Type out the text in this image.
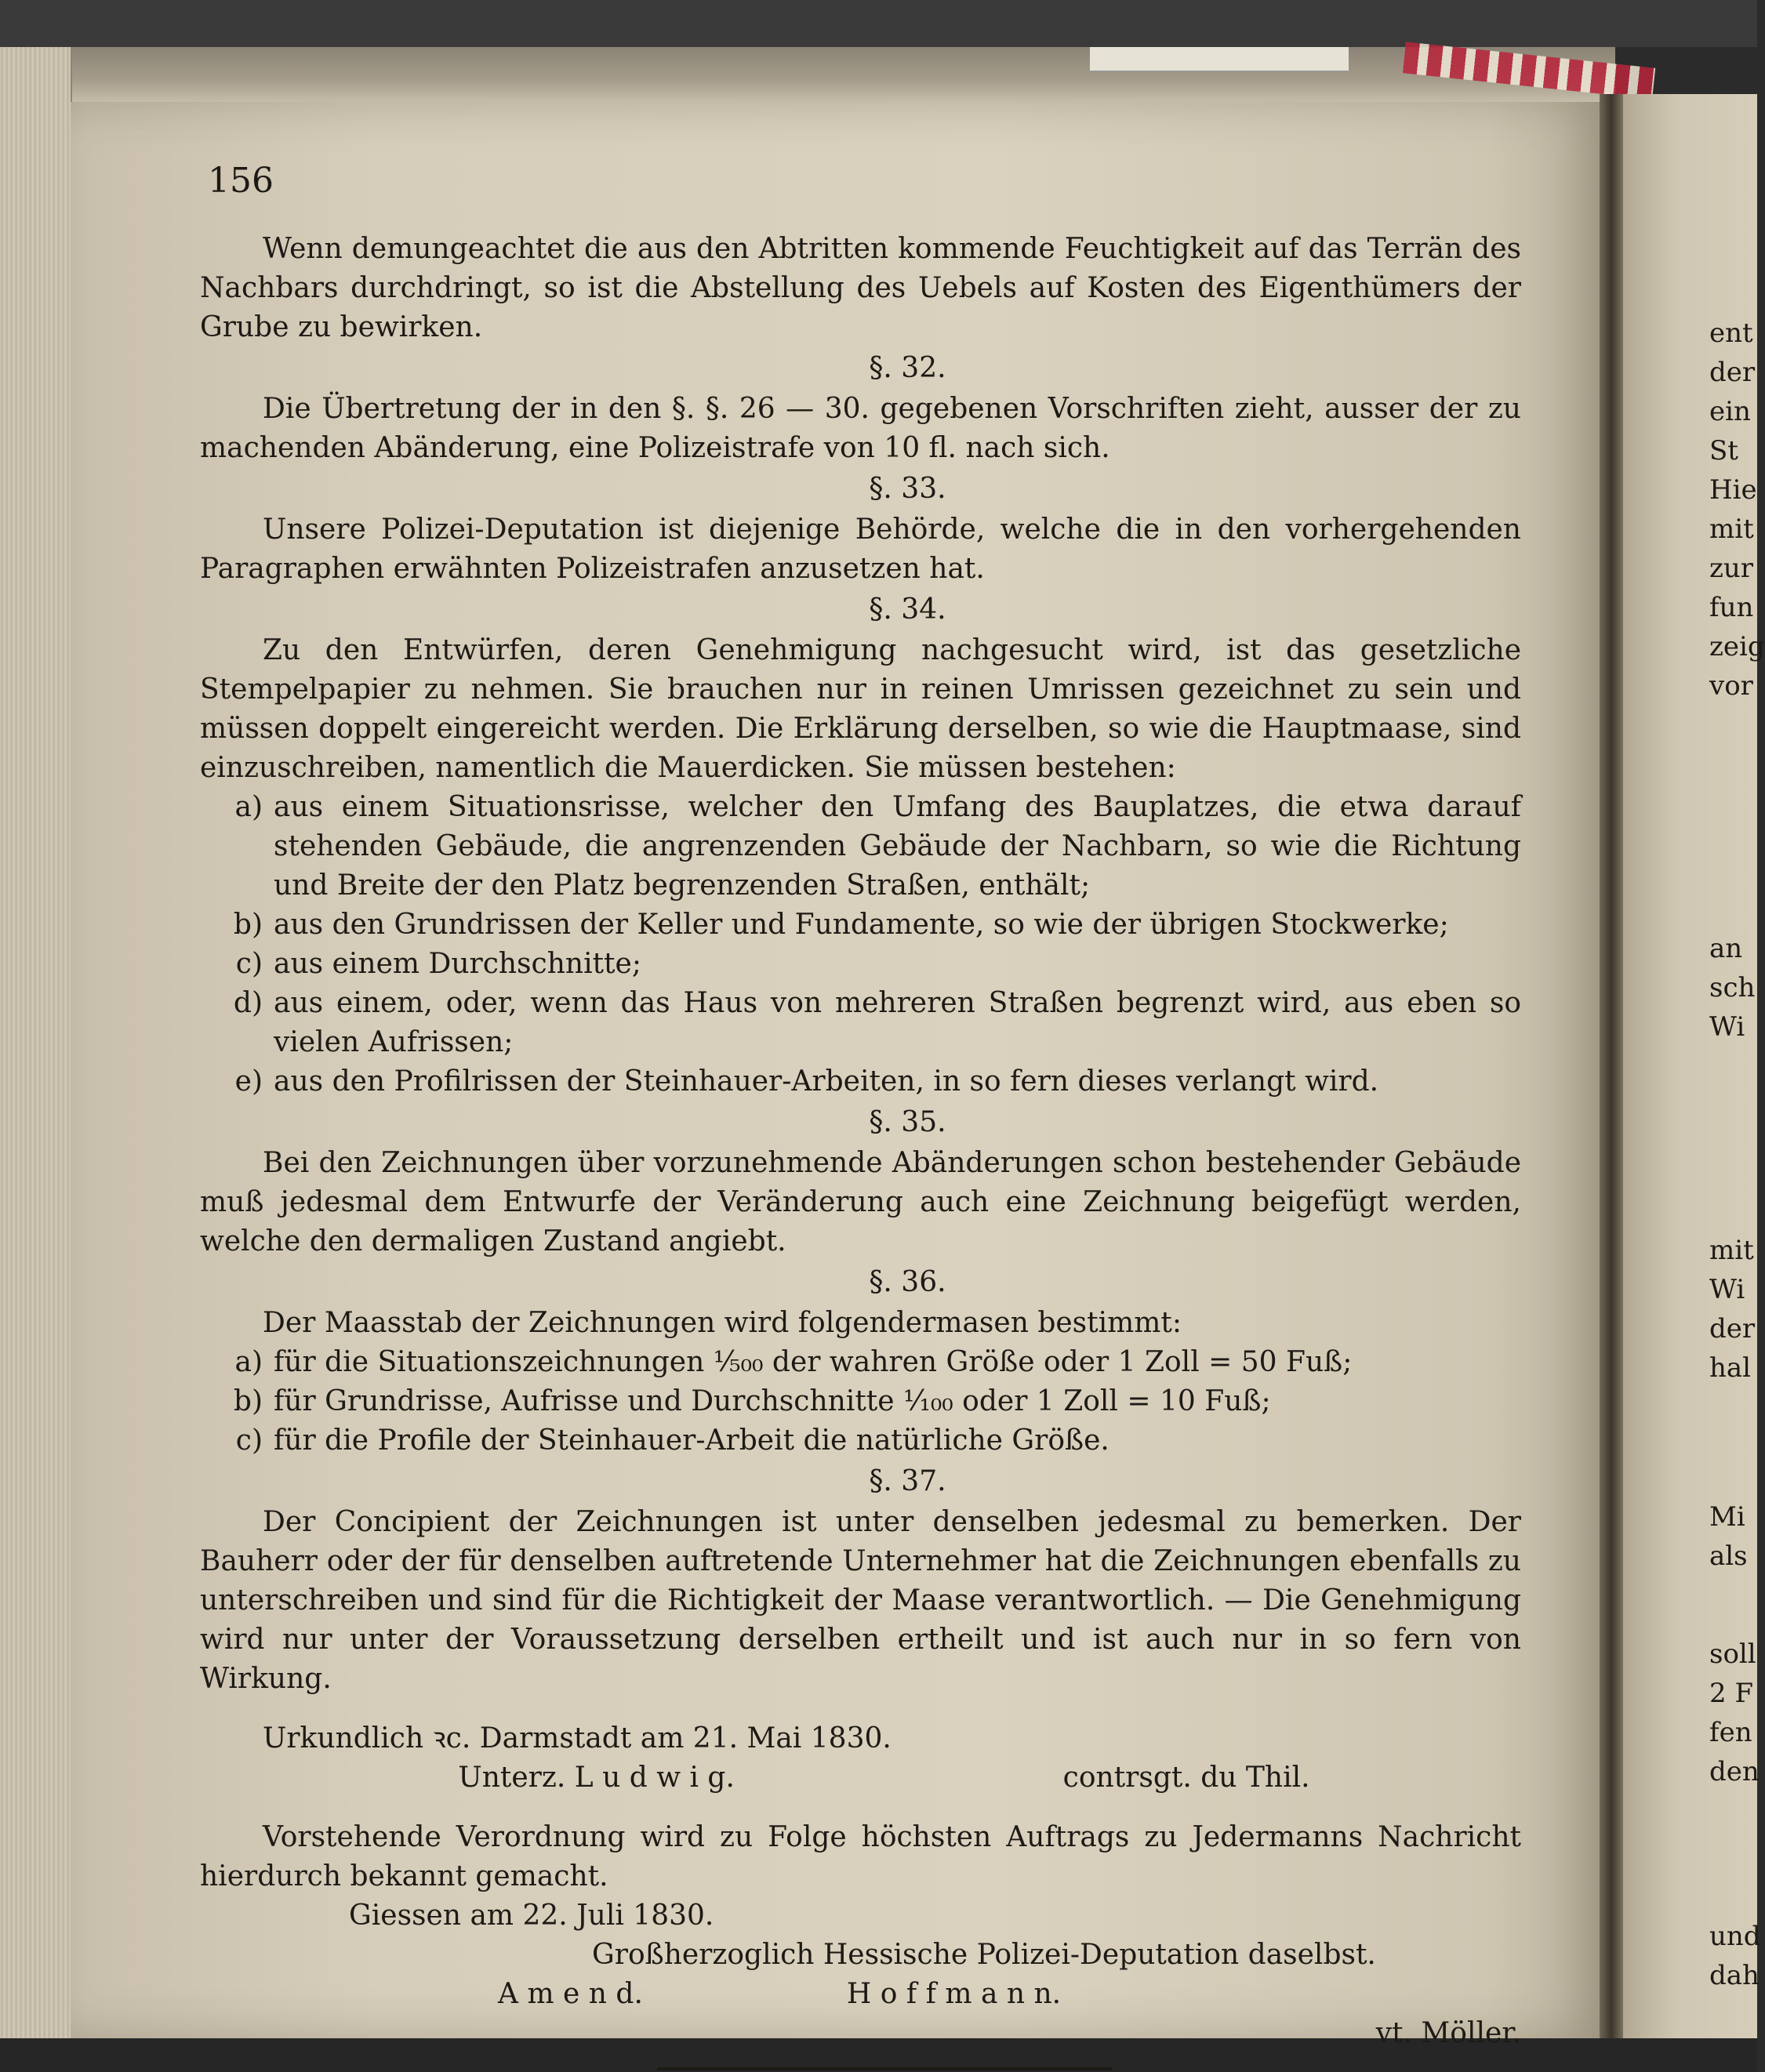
156

Wenn demungeachtet die aus den Abtritten kommende Feuchtigkeit auf das Terrän des Nachbars durchdringt, so ist die Abstellung des Uebels auf Kosten des Eigenthümers der Grube zu bewirken.

§. 32.

Die Übertretung der in den §. §. 26 — 30. gegebenen Vorschriften zieht, ausser der zu machenden Abänderung, eine Polizeistrafe von 10 fl. nach sich.

§. 33.

Unsere Polizei-Deputation ist diejenige Behörde, welche die in den vorhergehenden Paragraphen erwähnten Polizeistrafen anzusetzen hat.

§. 34.

Zu den Entwürfen, deren Genehmigung nachgesucht wird, ist das gesetzliche Stempelpapier zu nehmen. Sie brauchen nur in reinen Umrissen gezeichnet zu sein und müssen doppelt eingereicht werden. Die Erklärung derselben, so wie die Hauptmaase, sind einzuschreiben, namentlich die Mauerdicken. Sie müssen bestehen:

a) aus einem Situationsrisse, welcher den Umfang des Bauplatzes, die etwa darauf stehenden Gebäude, die angrenzenden Gebäude der Nachbarn, so wie die Richtung und Breite der den Platz begrenzenden Straßen, enthält;
b) aus den Grundrissen der Keller und Fundamente, so wie der übrigen Stockwerke;
c) aus einem Durchschnitte;
d) aus einem, oder, wenn das Haus von mehreren Straßen begrenzt wird, aus eben so vielen Aufrissen;
e) aus den Profilrissen der Steinhauer-Arbeiten, in so fern dieses verlangt wird.

§. 35.

Bei den Zeichnungen über vorzunehmende Abänderungen schon bestehender Gebäude muß jedesmal dem Entwurfe der Veränderung auch eine Zeichnung beigefügt werden, welche den dermaligen Zustand angiebt.

§. 36.

Der Maasstab der Zeichnungen wird folgendermasen bestimmt:

a) für die Situationszeichnungen ¹⁄₅₀₀ der wahren Größe oder 1 Zoll = 50 Fuß;
b) für Grundrisse, Aufrisse und Durchschnitte ¹⁄₁₀₀ oder 1 Zoll = 10 Fuß;
c) für die Profile der Steinhauer-Arbeit die natürliche Größe.

§. 37.

Der Concipient der Zeichnungen ist unter denselben jedesmal zu bemerken. Der Bauherr oder der für denselben auftretende Unternehmer hat die Zeichnungen ebenfalls zu unterschreiben und sind für die Richtigkeit der Maase verantwortlich. — Die Genehmigung wird nur unter der Voraussetzung derselben ertheilt und ist auch nur in so fern von Wirkung.

Urkundlich ꝛc. Darmstadt am 21. Mai 1830.

Unterz. L u d w i g.	contrsgt. du Thil.

Vorstehende Verordnung wird zu Folge höchsten Auftrags zu Jedermanns Nachricht hierdurch bekannt gemacht.

Giessen am 22. Juli 1830.

Großherzoglich Hessische Polizei-Deputation daselbst.

A m e n d.	H o f f m a n n.

vt. Möller.

ent
der
ein
St
Hie
mit
zur
fun
zeig
vor
an
sch
Wi
mit
Wi
der
hal
Mi
als
soll
2 F
fen
den
und
dah
